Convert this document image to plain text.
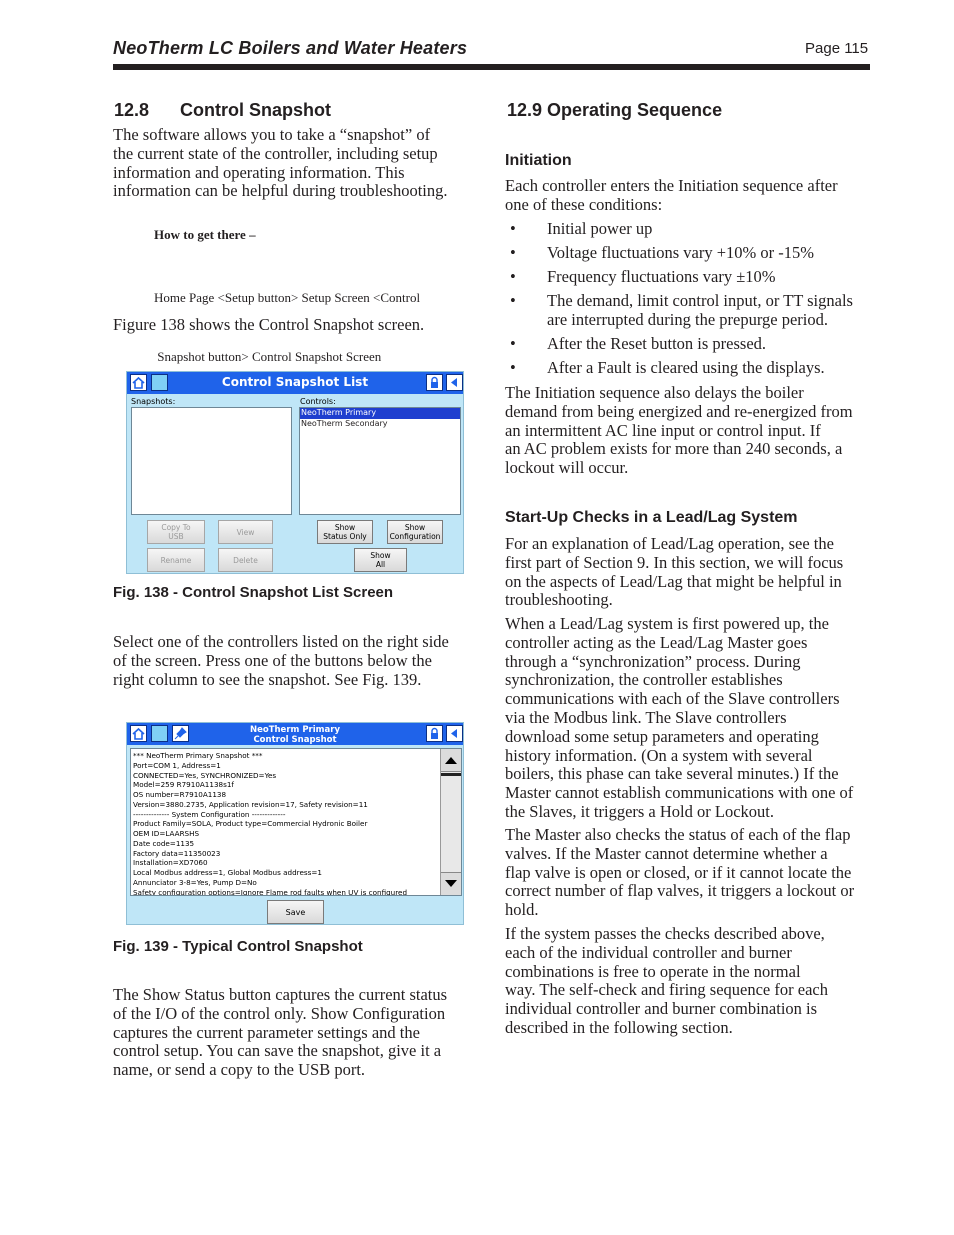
NeoTherm LC Boilers and Water Heaters	Page 115
12.8 Control Snapshot
The software allows you to take a “snapshot” of
the current state of the controller, including setup
information and operating information. This
information can be helpful during troubleshooting.
How to get there –

Home Page <Setup button> Setup Screen <Control

Snapshot button> Control Snapshot Screen

Figure 138 shows the Control Snapshot screen.
Control Snapshot List
Snapshots:	Controls:
NeoTherm Primary
NeoTherm Secondary
Copy To
USB	View	Show
Status Only
Show
Configuration
Rename	Delete	Show
All
Fig. 138 - Control Snapshot List Screen
Select one of the controllers listed on the right side
of the screen. Press one of the buttons below the
right column to see the snapshot. See Fig. 139.
NeoTherm Primary
Control Snapshot
*** NeoTherm Primary Snapshot ***
Port=COM 1, Address=1
CONNECTED=Yes, SYNCHRONIZED=Yes
Model=259 R7910A1138s1f
OS number=R7910A1138
Version=3880.2735, Application revision=17, Safety revision=11
-------------- System Configuration -------------
Product Family=SOLA, Product type=Commercial Hydronic Boiler
OEM ID=LAARSHS
Date code=1135
Factory data=11350023
Installation=XD7060
Local Modbus address=1, Global Modbus address=1
Annunciator 3-8=Yes, Pump D=No
Safety configuration options=Ignore Flame rod faults when UV is configured
Save
Fig. 139 - Typical Control Snapshot
The Show Status button captures the current status
of the I/O of the control only. Show Configuration
captures the current parameter settings and the
control setup. You can save the snapshot, give it a
name, or send a copy to the USB port.
12.9 Operating Sequence
Initiation
Each controller enters the Initiation sequence after
one of these conditions:
• Initial power up
• Voltage fluctuations vary +10% or -15%
• Frequency fluctuations vary ±10%
• The demand, limit control input, or TT signals
are interrupted during the prepurge period.
• After the Reset button is pressed.
• After a Fault is cleared using the displays.
The Initiation sequence also delays the boiler
demand from being energized and re-energized from
an intermittent AC line input or control input. If
an AC problem exists for more than 240 seconds, a
lockout will occur.
Start-Up Checks in a Lead/Lag System
For an explanation of Lead/Lag operation, see the
first part of Section 9. In this section, we will focus
on the aspects of Lead/Lag that might be helpful in
troubleshooting.
When a Lead/Lag system is first powered up, the
controller acting as the Lead/Lag Master goes
through a “synchronization” process. During
synchronization, the controller establishes
communications with each of the Slave controllers
via the Modbus link. The Slave controllers
download some setup parameters and operating
history information. (On a system with several
boilers, this phase can take several minutes.) If the
Master cannot establish communications with one of
the Slaves, it triggers a Hold or Lockout.
The Master also checks the status of each of the flap
valves. If the Master cannot determine whether a
flap valve is open or closed, or if it cannot locate the
correct number of flap valves, it triggers a lockout or
hold.
If the system passes the checks described above,
each of the individual controller and burner
combinations is free to operate in the normal
way. The self-check and firing sequence for each
individual controller and burner combination is
described in the following section.
